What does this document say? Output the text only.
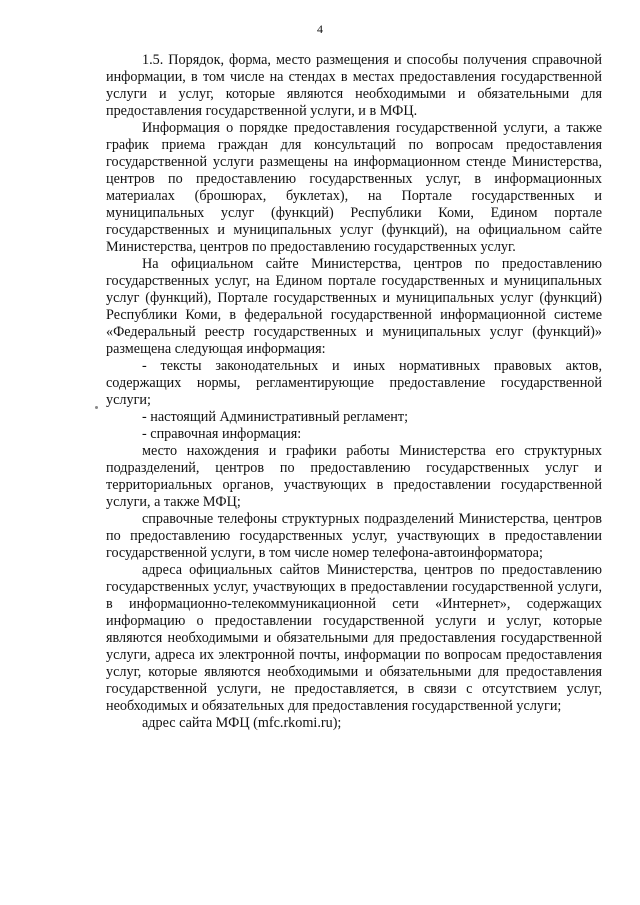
4

1.5. Порядок, форма, место размещения и способы получения справочной информации, в том числе на стендах в местах предоставления государственной услуги и услуг, которые являются необходимыми и обязательными для предоставления государственной услуги, и в МФЦ.

Информация о порядке предоставления государственной услуги, а также график приема граждан для консультаций по вопросам предоставления государственной услуги размещены на информационном стенде Министерства, центров по предоставлению государственных услуг, в информационных материалах (брошюрах, буклетах), на Портале государственных и муниципальных услуг (функций) Республики Коми, Едином портале государственных и муниципальных услуг (функций), на официальном сайте Министерства, центров по предоставлению государственных услуг.

На официальном сайте Министерства, центров по предоставлению государственных услуг, на Едином портале государственных и муниципальных услуг (функций), Портале государственных и муниципальных услуг (функций) Республики Коми, в федеральной государственной информационной системе «Федеральный реестр государственных и муниципальных услуг (функций)» размещена следующая информация:

- тексты законодательных и иных нормативных правовых актов, содержащих нормы, регламентирующие предоставление государственной услуги;

- настоящий Административный регламент;

- справочная информация:

место нахождения и графики работы Министерства его структурных подразделений, центров по предоставлению государственных услуг и территориальных органов, участвующих в предоставлении государственной услуги, а также МФЦ;

справочные телефоны структурных подразделений Министерства, центров по предоставлению государственных услуг, участвующих в предоставлении государственной услуги, в том числе номер телефона-автоинформатора;

адреса официальных сайтов Министерства, центров по предоставлению государственных услуг, участвующих в предоставлении государственной услуги, в информационно-телекоммуникационной сети «Интернет», содержащих информацию о предоставлении государственной услуги и услуг, которые являются необходимыми и обязательными для предоставления государственной услуги, адреса их электронной почты, информации по вопросам предоставления услуг, которые являются необходимыми и обязательными для предоставления государственной услуги, не предоставляется, в связи с отсутствием услуг, необходимых и обязательных для предоставления государственной услуги;

адрес сайта МФЦ (mfc.rkomi.ru);
